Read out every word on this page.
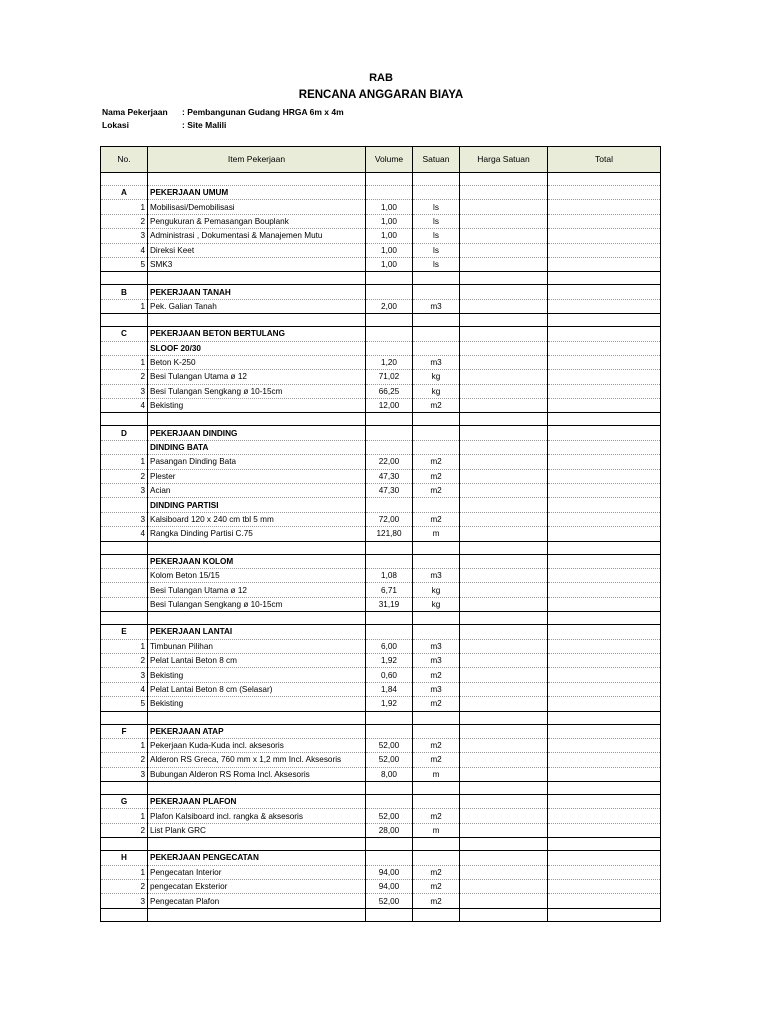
RAB
RENCANA ANGGARAN BIAYA
Nama Pekerjaan : Pembangunan Gudang HRGA 6m x 4m
Lokasi	: Site Malili
No.	Item Pekerjaan	Volume	Satuan	Harga Satuan	Total

A	PEKERJAAN UMUM				
1	Mobilisasi/Demobilisasi	1,00	ls		
2	Pengukuran & Pemasangan Bouplank	1,00	ls		
3	Administrasi , Dokumentasi & Manajemen Mutu	1,00	ls		
4	Direksi Keet	1,00	ls		
5	SMK3	1,00	ls		

B	PEKERJAAN TANAH				
1	Pek. Galian Tanah	2,00	m3		

C	PEKERJAAN BETON BERTULANG				
	SLOOF 20/30				
1	Beton K-250	1,20	m3		
2	Besi Tulangan Utama ø 12	71,02	kg		
3	Besi Tulangan Sengkang ø 10-15cm	66,25	kg		
4	Bekisting	12,00	m2		

D	PEKERJAAN DINDING				
	DINDING BATA				
1	Pasangan Dinding Bata	22,00	m2		
2	Plester	47,30	m2		
3	Acian	47,30	m2		
	DINDING PARTISI				
3	Kalsiboard 120 x 240 cm tbl 5 mm	72,00	m2		
4	Rangka Dinding Partisi C.75	121,80	m		

	PEKERJAAN KOLOM				
	Kolom Beton 15/15	1,08	m3		
	Besi Tulangan Utama ø 12	6,71	kg		
	Besi Tulangan Sengkang ø 10-15cm	31,19	kg		

E	PEKERJAAN LANTAI				
1	Timbunan Pilihan	6,00	m3		
2	Pelat Lantai Beton 8 cm	1,92	m3		
3	Bekisting	0,60	m2		
4	Pelat Lantai Beton 8 cm (Selasar)	1,84	m3		
5	Bekisting	1,92	m2		

F	PEKERJAAN ATAP				
1	Pekerjaan Kuda-Kuda incl. aksesoris	52,00	m2		
2	Alderon RS Greca, 760 mm x 1,2 mm Incl. Aksesoris	52,00	m2		
3	Bubungan Alderon RS Roma Incl. Aksesoris	8,00	m		

G	PEKERJAAN PLAFON				
1	Plafon Kalsiboard incl. rangka & aksesoris	52,00	m2		
2	List Plank GRC	28,00	m		

H	PEKERJAAN PENGECATAN				
1	Pengecatan Interior	94,00	m2		
2	pengecatan Eksterior	94,00	m2		
3	Pengecatan Plafon	52,00	m2		
